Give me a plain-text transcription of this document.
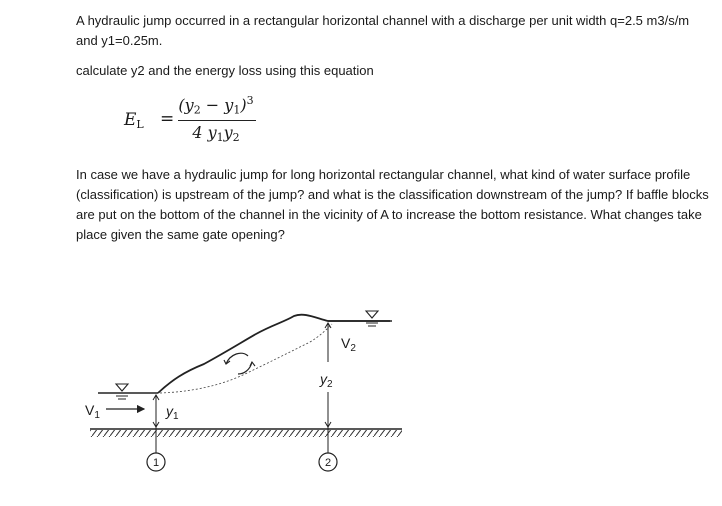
A hydraulic jump occurred in a rectangular horizontal channel with a discharge per unit width q=2.5 m3/s/m and y1=0.25m.

calculate y2 and the energy loss using this equation

$E_L$ =
$(y_2 - y_1)^3$
4 $y_1y_2$

In case we have a hydraulic jump for long horizontal rectangular channel, what kind of water surface profile (classification) is upstream of the jump? and what is the classification downstream of the jump? If baffle blocks are put on the bottom of the channel in the vicinity of A to increase the bottom resistance. What changes take place given the same gate opening?

$V_1$	$y_1$
1
$y_2$
$V_2$
2
